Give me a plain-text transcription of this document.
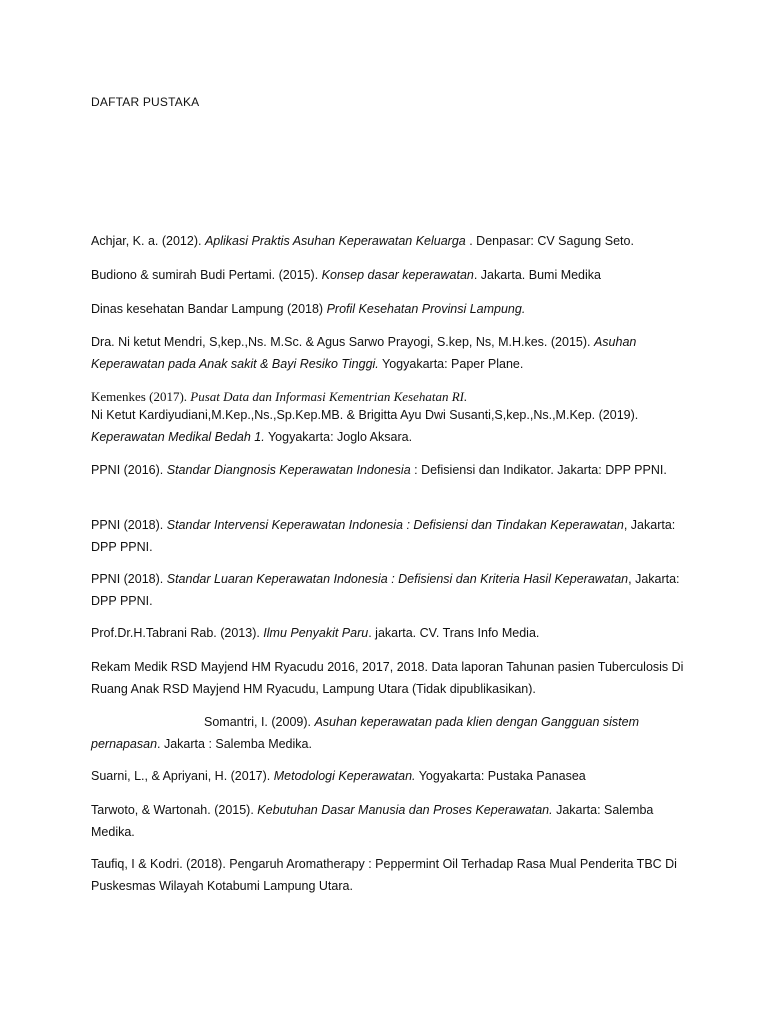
DAFTAR PUSTAKA
Achjar, K. a. (2012). Aplikasi Praktis Asuhan Keperawatan Keluarga . Denpasar: CV Sagung Seto.
Budiono & sumirah Budi Pertami. (2015). Konsep dasar keperawatan. Jakarta. Bumi Medika
Dinas kesehatan Bandar Lampung (2018) Profil Kesehatan Provinsi Lampung.
Dra. Ni ketut Mendri, S,kep.,Ns. M.Sc. & Agus Sarwo Prayogi, S.kep, Ns, M.H.kes. (2015). Asuhan Keperawatan pada Anak sakit & Bayi Resiko Tinggi. Yogyakarta: Paper Plane.
Kemenkes (2017). Pusat Data dan Informasi Kementrian Kesehatan RI.
Ni Ketut Kardiyudiani,M.Kep.,Ns.,Sp.Kep.MB. & Brigitta Ayu Dwi Susanti,S,kep.,Ns.,M.Kep. (2019). Keperawatan Medikal Bedah 1. Yogyakarta: Joglo Aksara.
PPNI (2016). Standar Diangnosis Keperawatan Indonesia : Defisiensi dan Indikator. Jakarta: DPP PPNI.
PPNI (2018). Standar Intervensi Keperawatan Indonesia : Defisiensi dan Tindakan Keperawatan, Jakarta: DPP PPNI.
PPNI (2018). Standar Luaran Keperawatan Indonesia : Defisiensi dan Kriteria Hasil Keperawatan, Jakarta: DPP PPNI.
Prof.Dr.H.Tabrani Rab. (2013). Ilmu Penyakit Paru. jakarta. CV. Trans Info Media.
Rekam Medik RSD Mayjend HM Ryacudu 2016, 2017, 2018. Data laporan Tahunan pasien Tuberculosis Di Ruang Anak RSD Mayjend HM Ryacudu, Lampung Utara (Tidak dipublikasikan).
Somantri, I. (2009). Asuhan keperawatan pada klien dengan Gangguan sistem pernapasan. Jakarta : Salemba Medika.
Suarni, L., & Apriyani, H. (2017). Metodologi Keperawatan. Yogyakarta: Pustaka Panasea
Tarwoto, & Wartonah. (2015). Kebutuhan Dasar Manusia dan Proses Keperawatan. Jakarta: Salemba Medika.
Taufiq, I & Kodri. (2018). Pengaruh Aromatherapy : Peppermint Oil Terhadap Rasa Mual Penderita TBC Di Puskesmas Wilayah Kotabumi Lampung Utara.
